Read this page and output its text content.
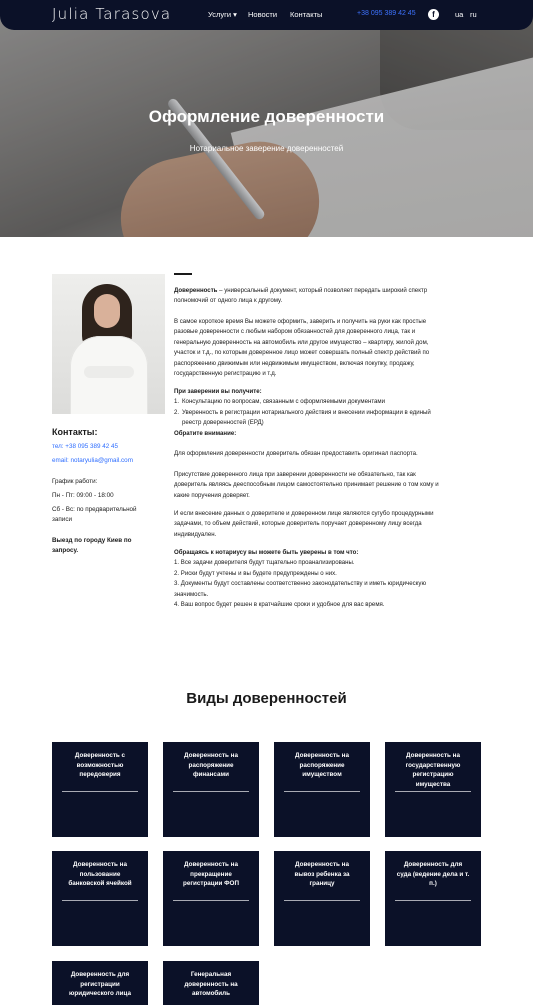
Оформление доверенности
Нотариальное заверение доверенностей
Julia Tarasova	Услуги ▾ Новости Контакты	+38 095 389 42 45	f	ua ru
Контакты:
тел: +38 095 389 42 45
email: notaryulia@gmail.com
График работи:
Пн - Пт: 09:00 - 18:00
Сб - Вс: по предварительной
записи
Выезд по городу Киев по
запросу.
Доверенность – универсальный документ, который позволяет передать широкий спектр
полномочий от одного лица к другому.
В самое короткое время Вы можете оформить, заверить и получить на руки как простые
разовые доверенности с любым набором обязанностей для доверенного лица, так и
генеральную доверенность на автомобиль или другое имущество – квартиру, жилой дом,
участок и т.д., по которым доверенное лицо может совершать полный спектр действий по
распоряжению движимым или недвижимым имуществом, включая покупку, продажу,
государственную регистрацию и т.д.
При заверении вы получите:
1. Консультацию по вопросам, связанным с оформляемыми документами
2. Уверенность в регистрации нотариального действия и внесении информации в единый
реестр доверенностей (ЕРД)
Обратите внимание:
Для оформления доверенности доверитель обязан предоставить оригинал паспорта.
Присутствие доверенного лица при заверении доверенности не обязательно, так как
доверитель являясь дееспособным лицом самостоятельно принимает решение о том кому и
какие поручения доверяет.
И если внесение данных о доверителе и доверенном лице являются сугубо процедурными
задачами, то объем действий, которые доверитель поручает доверенному лицу всегда
индивидуален.
Обращаясь к нотариусу вы можете быть уверены в том что:
1. Все задачи доверителя будут тщательно проанализированы.
2. Риски будут учтены и вы будете предупреждены о них.
3. Документы будут составлены соответственно законодательству и иметь юридическую
значимость.
4. Ваш вопрос будет решен в кратчайшие сроки и удобное для вас время.
Виды доверенностей
Доверенность с
возможностью
передоверия
Доверенность на
распоряжение
финансами
Доверенность на
распоряжение
имуществом
Доверенность на
государственную
регистрацию
имущества
Доверенность на
пользование
банковской ячейкой
Доверенность на
прекращение
регистрации ФОП
Доверенность на
вывоз ребенка за
границу
Доверенность для
суда (ведение дела и т.
п.)
Доверенность для
регистрации
юридического лица
Генеральная
доверенность на
автомобиль
